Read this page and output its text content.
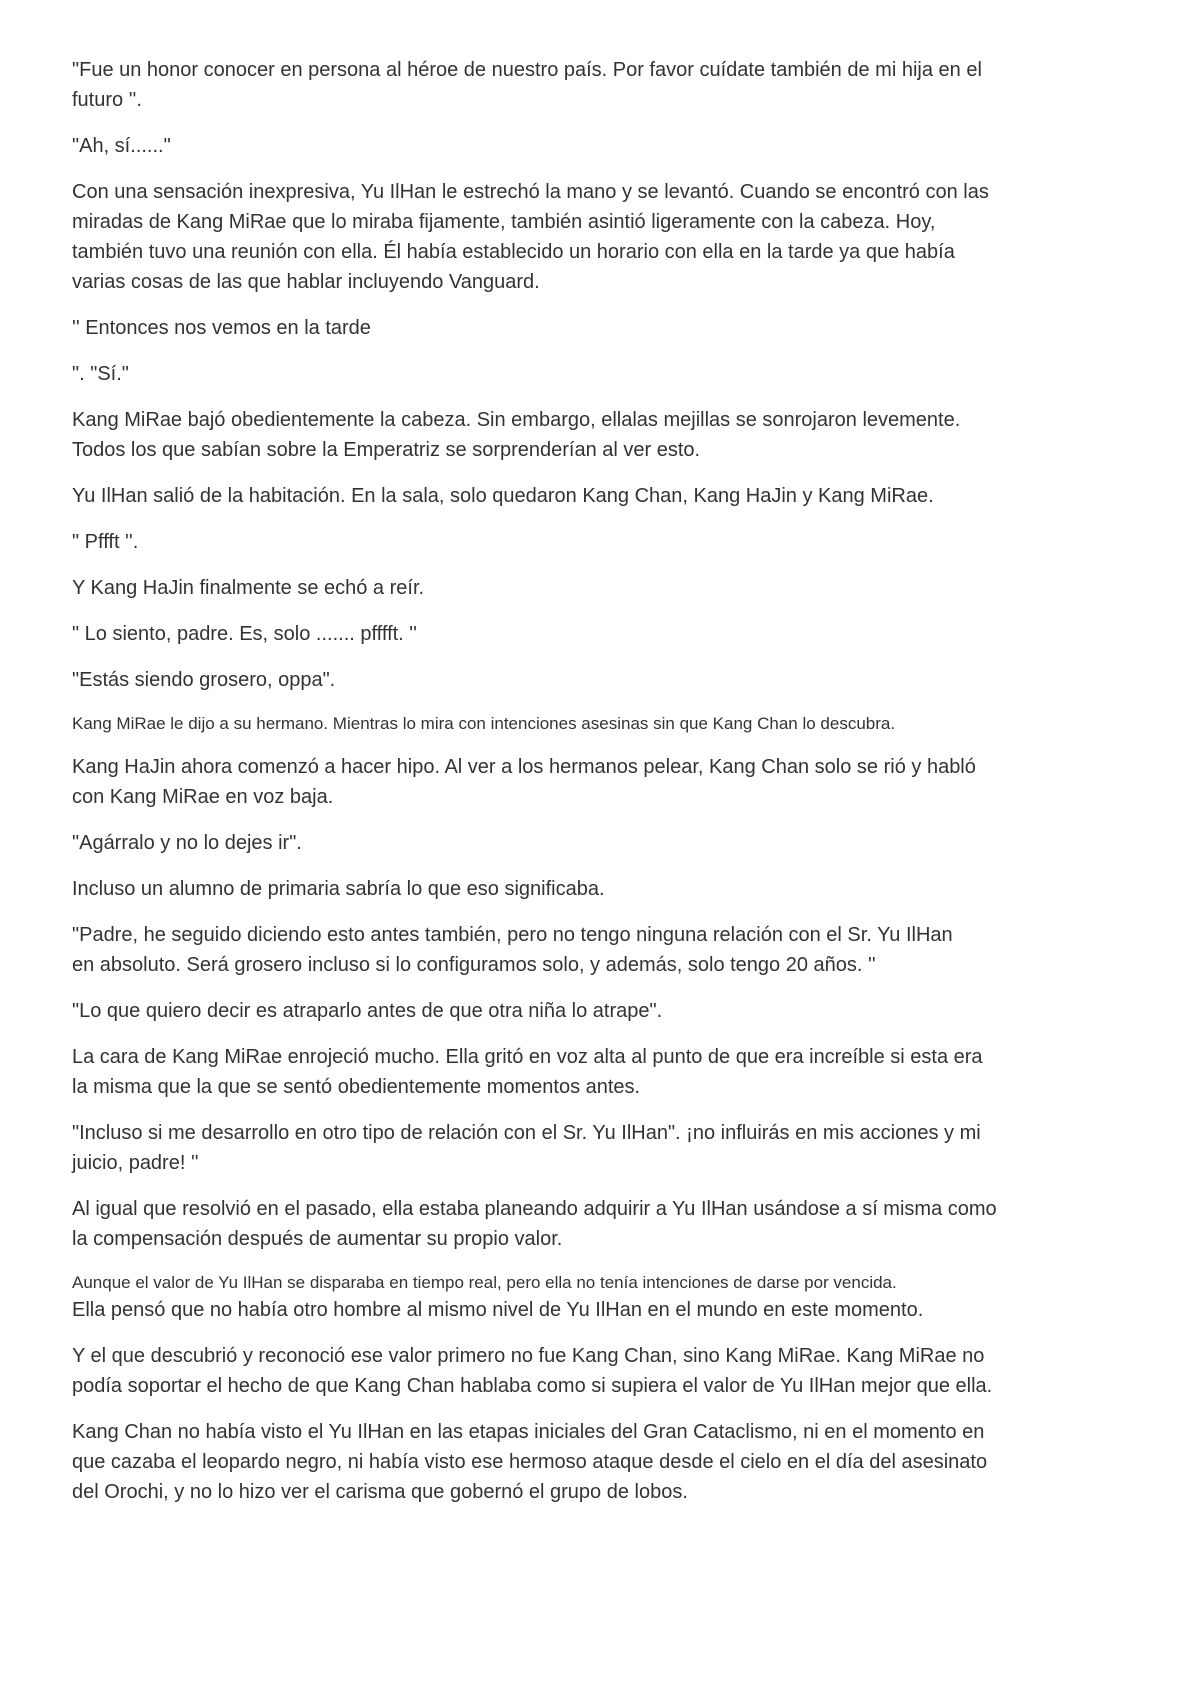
"Fue un honor conocer en persona al héroe de nuestro país. Por favor cuídate también de mi hija en el
futuro ''.
"Ah, sí......"
Con una sensación inexpresiva, Yu IlHan le estrechó la mano y se levantó. Cuando se encontró con las
miradas de Kang MiRae que lo miraba fijamente, también asintió ligeramente con la cabeza. Hoy,
también tuvo una reunión con ella. Él había establecido un horario con ella en la tarde ya que había
varias cosas de las que hablar incluyendo Vanguard.
'' Entonces nos vemos en la tarde
". "Sí."
Kang MiRae bajó obedientemente la cabeza. Sin embargo, ellalas mejillas se sonrojaron levemente.
Todos los que sabían sobre la Emperatriz se sorprenderían al ver esto.
Yu IlHan salió de la habitación. En la sala, solo quedaron Kang Chan, Kang HaJin y Kang MiRae.
" Pffft ''.
Y Kang HaJin finalmente se echó a reír.
" Lo siento, padre. Es, solo ....... pfffft. ''
"Estás siendo grosero, oppa".
Kang MiRae le dijo a su hermano. Mientras lo mira con intenciones asesinas sin que Kang Chan lo descubra.
Kang HaJin ahora comenzó a hacer hipo. Al ver a los hermanos pelear, Kang Chan solo se rió y habló
con Kang MiRae en voz baja.
"Agárralo y no lo dejes ir".
Incluso un alumno de primaria sabría lo que eso significaba.
"Padre, he seguido diciendo esto antes también, pero no tengo ninguna relación con el Sr. Yu IlHan
en absoluto. Será grosero incluso si lo configuramos solo, y además, solo tengo 20 años. ''
"Lo que quiero decir es atraparlo antes de que otra niña lo atrape".
La cara de Kang MiRae enrojeció mucho. Ella gritó en voz alta al punto de que era increíble si esta era
la misma que la que se sentó obedientemente momentos antes.
"Incluso si me desarrollo en otro tipo de relación con el Sr. Yu IlHan". ¡no influirás en mis acciones y mi
juicio, padre! ''
Al igual que resolvió en el pasado, ella estaba planeando adquirir a Yu IlHan usándose a sí misma como
la compensación después de aumentar su propio valor.
Aunque el valor de Yu IlHan se disparaba en tiempo real, pero ella no tenía intenciones de darse por vencida.
Ella pensó que no había otro hombre al mismo nivel de Yu IlHan en el mundo en este momento.
Y el que descubrió y reconoció ese valor primero no fue Kang Chan, sino Kang MiRae. Kang MiRae no
podía soportar el hecho de que Kang Chan hablaba como si supiera el valor de Yu IlHan mejor que ella.
Kang Chan no había visto el Yu IlHan en las etapas iniciales del Gran Cataclismo, ni en el momento en
que cazaba el leopardo negro, ni había visto ese hermoso ataque desde el cielo en el día del asesinato
del Orochi, y no lo hizo ver el carisma que gobernó el grupo de lobos.
